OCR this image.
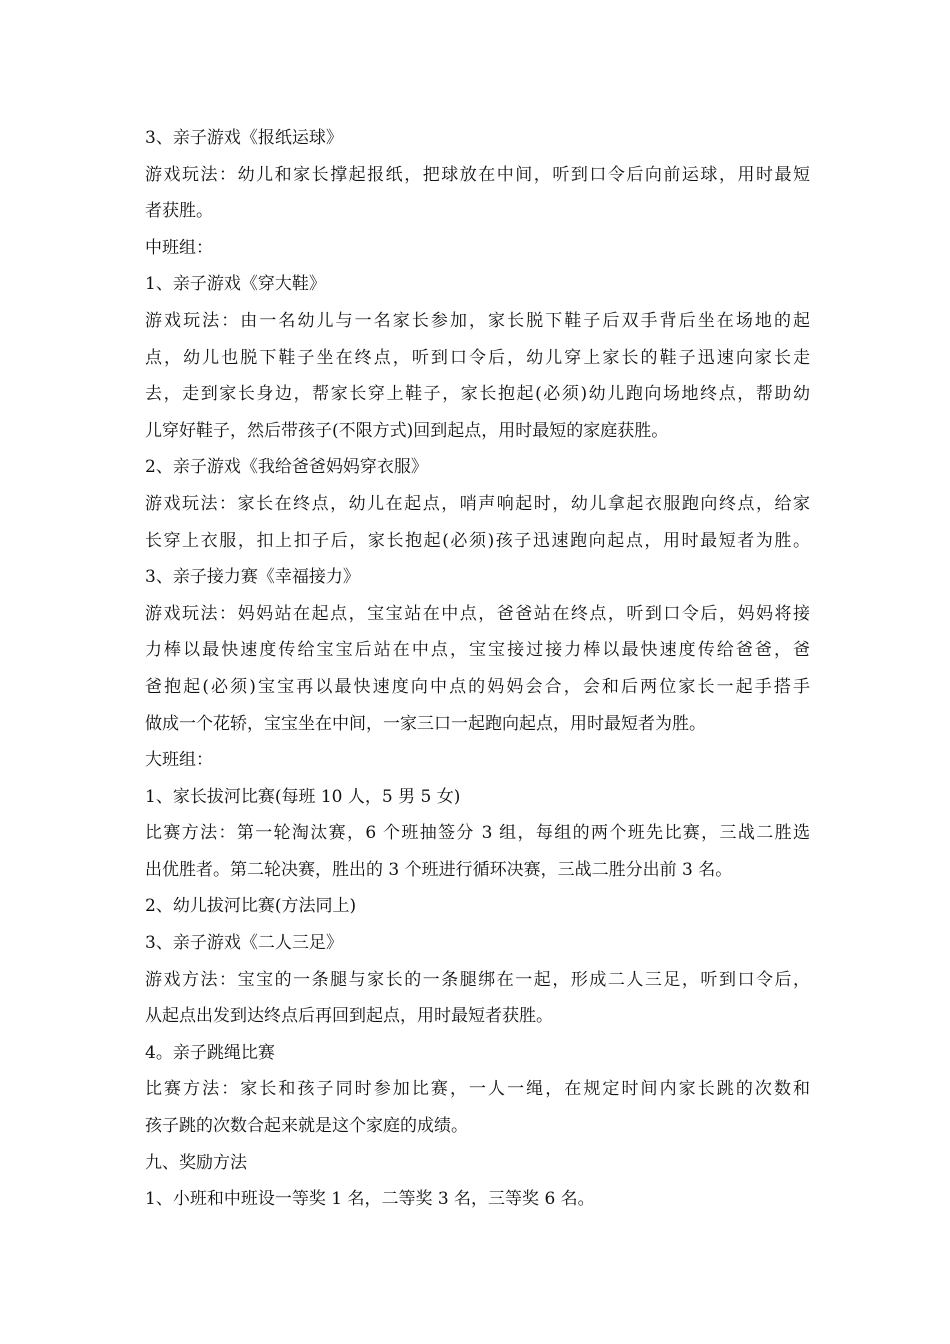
3、亲子游戏《报纸运球》
游戏玩法：幼儿和家长撑起报纸，把球放在中间，听到口令后向前运球，用时最短
者获胜。
中班组：
1、亲子游戏《穿大鞋》
游戏玩法：由一名幼儿与一名家长参加，家长脱下鞋子后双手背后坐在场地的起
点，幼儿也脱下鞋子坐在终点，听到口令后，幼儿穿上家长的鞋子迅速向家长走
去，走到家长身边，帮家长穿上鞋子，家长抱起(必须)幼儿跑向场地终点，帮助幼
儿穿好鞋子，然后带孩子(不限方式)回到起点，用时最短的家庭获胜。
2、亲子游戏《我给爸爸妈妈穿衣服》
游戏玩法：家长在终点，幼儿在起点，哨声响起时，幼儿拿起衣服跑向终点，给家
长穿上衣服，扣上扣子后，家长抱起(必须)孩子迅速跑向起点，用时最短者为胜。
3、亲子接力赛《幸福接力》
游戏玩法：妈妈站在起点，宝宝站在中点，爸爸站在终点，听到口令后，妈妈将接
力棒以最快速度传给宝宝后站在中点，宝宝接过接力棒以最快速度传给爸爸，爸
爸抱起(必须)宝宝再以最快速度向中点的妈妈会合，会和后两位家长一起手搭手
做成一个花轿，宝宝坐在中间，一家三口一起跑向起点，用时最短者为胜。
大班组：
1、家长拔河比赛(每班 10 人，5 男 5 女)
比赛方法：第一轮淘汰赛，6 个班抽签分 3 组，每组的两个班先比赛，三战二胜选
出优胜者。第二轮决赛，胜出的 3 个班进行循环决赛，三战二胜分出前 3 名。
2、幼儿拔河比赛(方法同上)
3、亲子游戏《二人三足》
游戏方法：宝宝的一条腿与家长的一条腿绑在一起，形成二人三足，听到口令后，
从起点出发到达终点后再回到起点，用时最短者获胜。
4。亲子跳绳比赛
比赛方法：家长和孩子同时参加比赛，一人一绳，在规定时间内家长跳的次数和
孩子跳的次数合起来就是这个家庭的成绩。
九、奖励方法
1、小班和中班设一等奖 1 名，二等奖 3 名，三等奖 6 名。
